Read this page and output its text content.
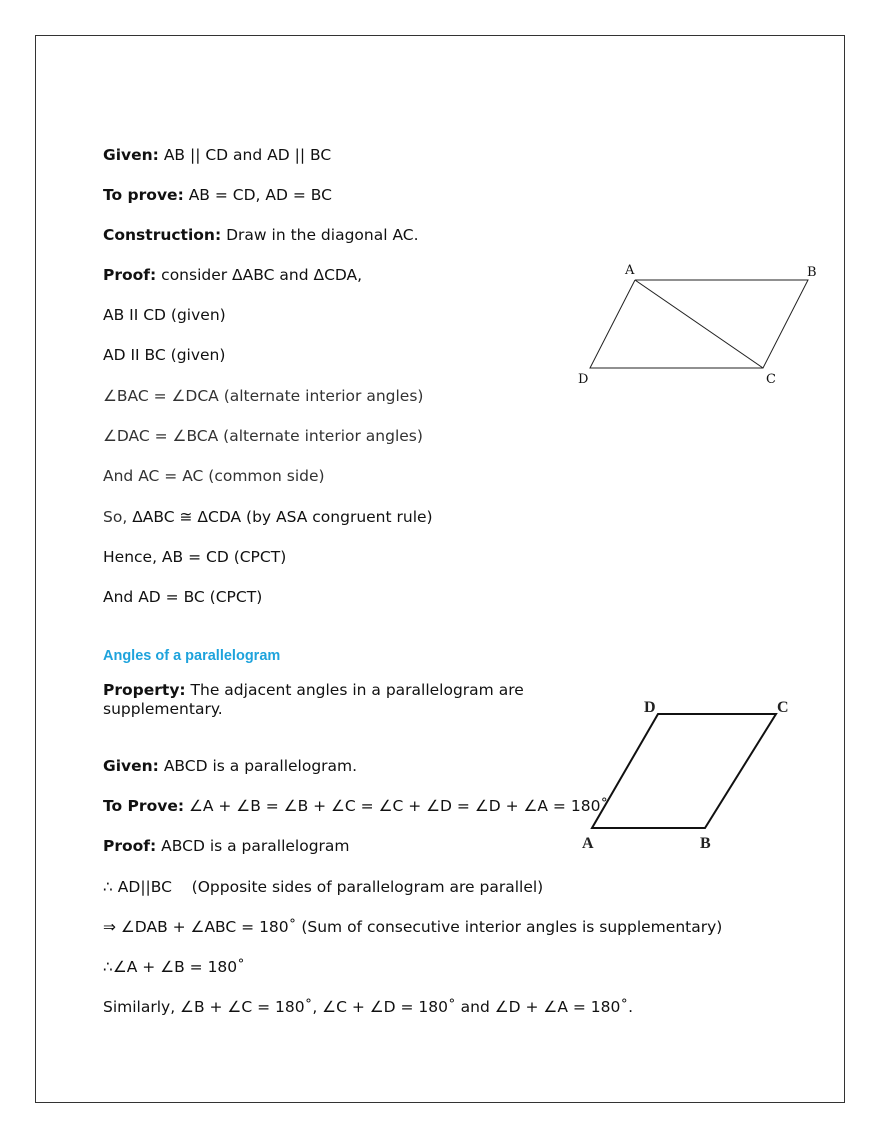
Given: AB || CD and AD || BC
To prove: AB = CD, AD = BC
Construction: Draw in the diagonal AC.
Proof: consider ΔABC and ΔCDA,
AB II CD (given)
AD II BC (given)
∠BAC = ∠DCA (alternate interior angles)
∠DAC = ∠BCA (alternate interior angles)
And AC = AC (common side)
So, ΔABC ≅ ΔCDA (by ASA congruent rule)
Hence, AB = CD (CPCT)
And AD = BC (CPCT)
A	B
C
D
Angles of a parallelogram
Property: The adjacent angles in a parallelogram are supplementary.
Given: ABCD is a parallelogram.
To Prove: ∠A + ∠B = ∠B + ∠C = ∠C + ∠D = ∠D + ∠A = 180˚
Proof: ABCD is a parallelogram
∴ AD||BC    (Opposite sides of parallelogram are parallel)
⇒ ∠DAB + ∠ABC = 180˚ (Sum of consecutive interior angles is supplementary)
∴∠A + ∠B = 180˚
Similarly, ∠B + ∠C = 180˚, ∠C + ∠D = 180˚ and ∠D + ∠A = 180˚.
D	C
A	B
